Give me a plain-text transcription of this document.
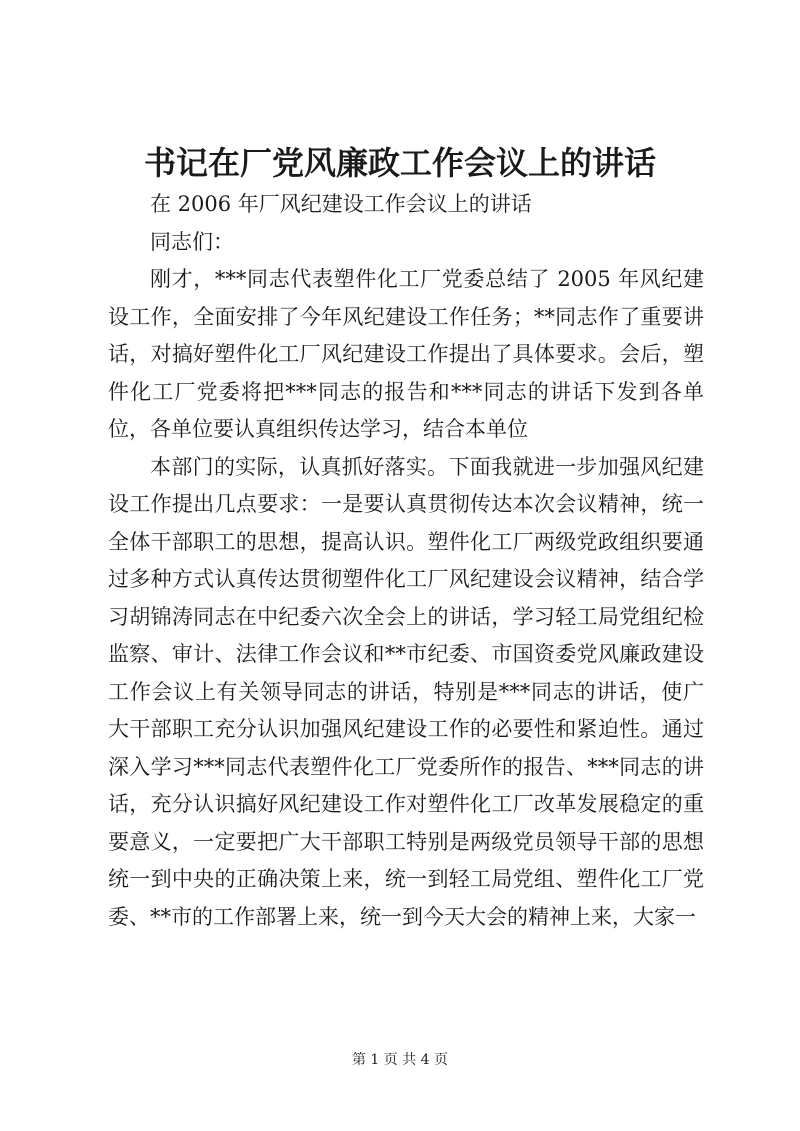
书记在厂党风廉政工作会议上的讲话

在 2006 年厂风纪建设工作会议上的讲话

同志们：

刚才，***同志代表塑件化工厂党委总结了 2005 年风纪建设工作，全面安排了今年风纪建设工作任务；**同志作了重要讲话，对搞好塑件化工厂风纪建设工作提出了具体要求。会后，塑件化工厂党委将把***同志的报告和***同志的讲话下发到各单位，各单位要认真组织传达学习，结合本单位

本部门的实际，认真抓好落实。下面我就进一步加强风纪建设工作提出几点要求：一是要认真贯彻传达本次会议精神，统一全体干部职工的思想，提高认识。塑件化工厂两级党政组织要通过多种方式认真传达贯彻塑件化工厂风纪建设会议精神，结合学习胡锦涛同志在中纪委六次全会上的讲话，学习轻工局党组纪检监察、审计、法律工作会议和**市纪委、市国资委党风廉政建设工作会议上有关领导同志的讲话，特别是***同志的讲话，使广大干部职工充分认识加强风纪建设工作的必要性和紧迫性。通过深入学习***同志代表塑件化工厂党委所作的报告、***同志的讲话，充分认识搞好风纪建设工作对塑件化工厂改革发展稳定的重要意义，一定要把广大干部职工特别是两级党员领导干部的思想统一到中央的正确决策上来，统一到轻工局党组、塑件化工厂党委、**市的工作部署上来，统一到今天大会的精神上来，大家一

第 1 页 共 4 页
